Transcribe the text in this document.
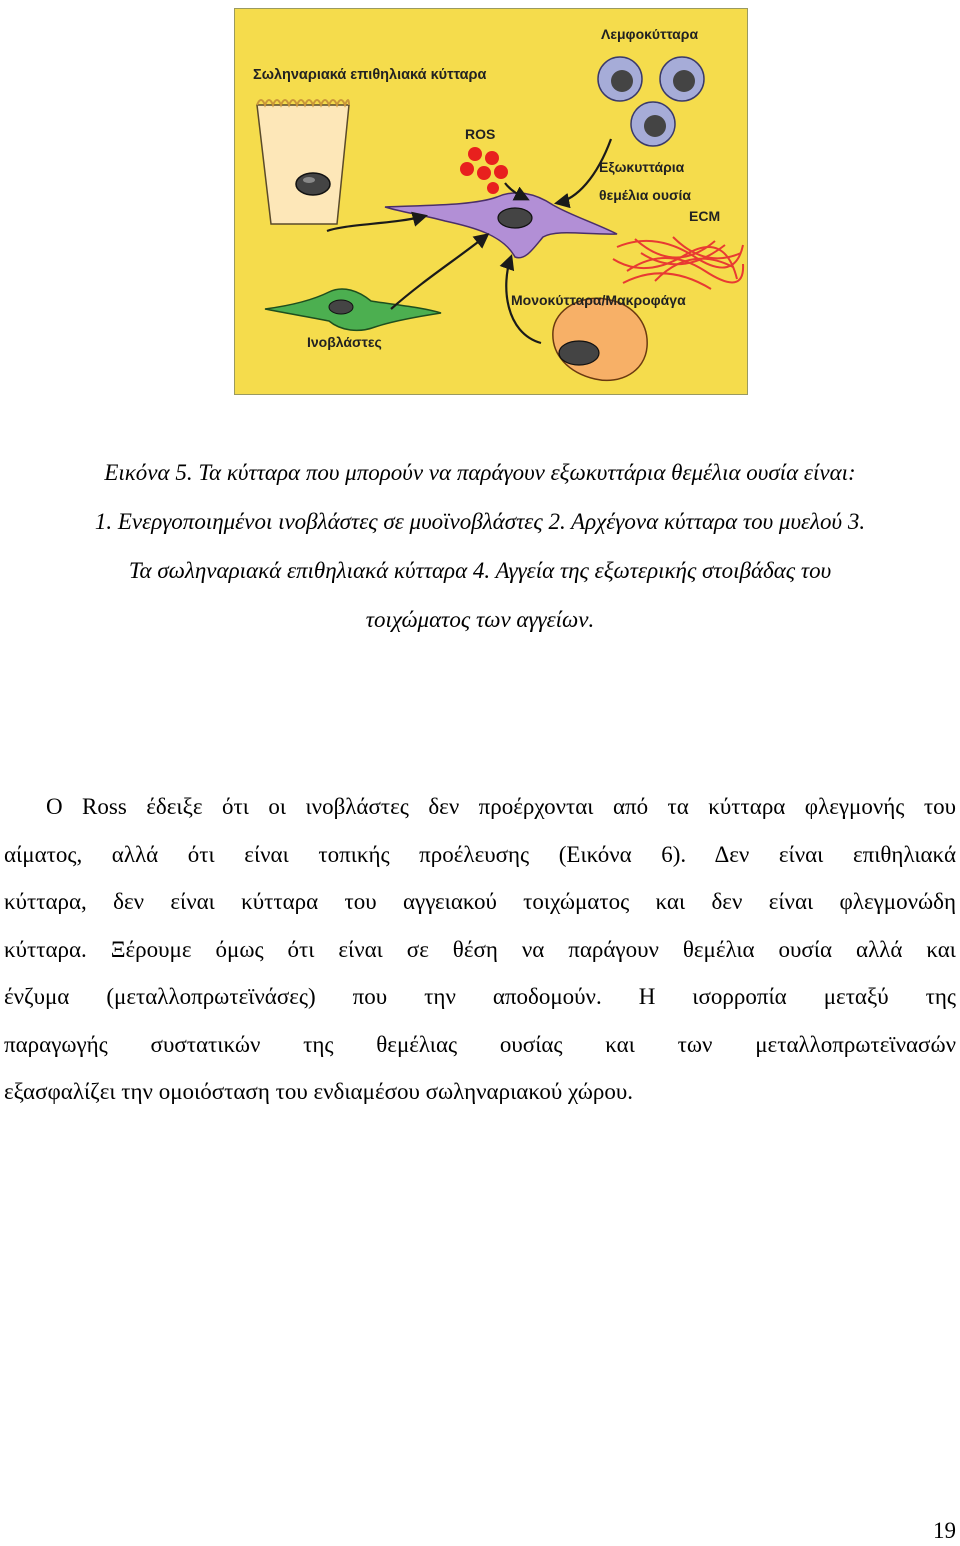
Σωληναριακά επιθηλιακά κύτταρα
Λεμφοκύτταρα
ROS
Εξωκυττάρια
θεμέλια ουσία
ECM
Ινοβλάστες
Μονοκύτταρα/Μακροφάγα
Εικόνα 5. Τα κύτταρα που μπορούν να παράγουν εξωκυττάρια θεμέλια ουσία είναι:
1. Ενεργοποιημένοι ινοβλάστες σε μυοϊνοβλάστες 2. Αρχέγονα κύτταρα του μυελού 3.
Τα σωληναριακά επιθηλιακά κύτταρα 4. Αγγεία της εξωτερικής στοιβάδας του
τοιχώματος των αγγείων.
Ο Ross έδειξε ότι οι ινοβλάστες δεν προέρχονται από τα κύτταρα φλεγμονής του
αίματος, αλλά ότι είναι τοπικής προέλευσης (Εικόνα 6). Δεν είναι επιθηλιακά
κύτταρα, δεν είναι κύτταρα του αγγειακού τοιχώματος και δεν είναι φλεγμονώδη
κύτταρα. Ξέρουμε όμως ότι είναι σε θέση να παράγουν θεμέλια ουσία αλλά και
ένζυμα (μεταλλοπρωτεϊνάσες) που την αποδομούν. Η ισορροπία μεταξύ της
παραγωγής συστατικών της θεμέλιας ουσίας και των μεταλλοπρωτεϊνασών
εξασφαλίζει την ομοιόσταση του ενδιαμέσου σωληναριακού χώρου.
19
